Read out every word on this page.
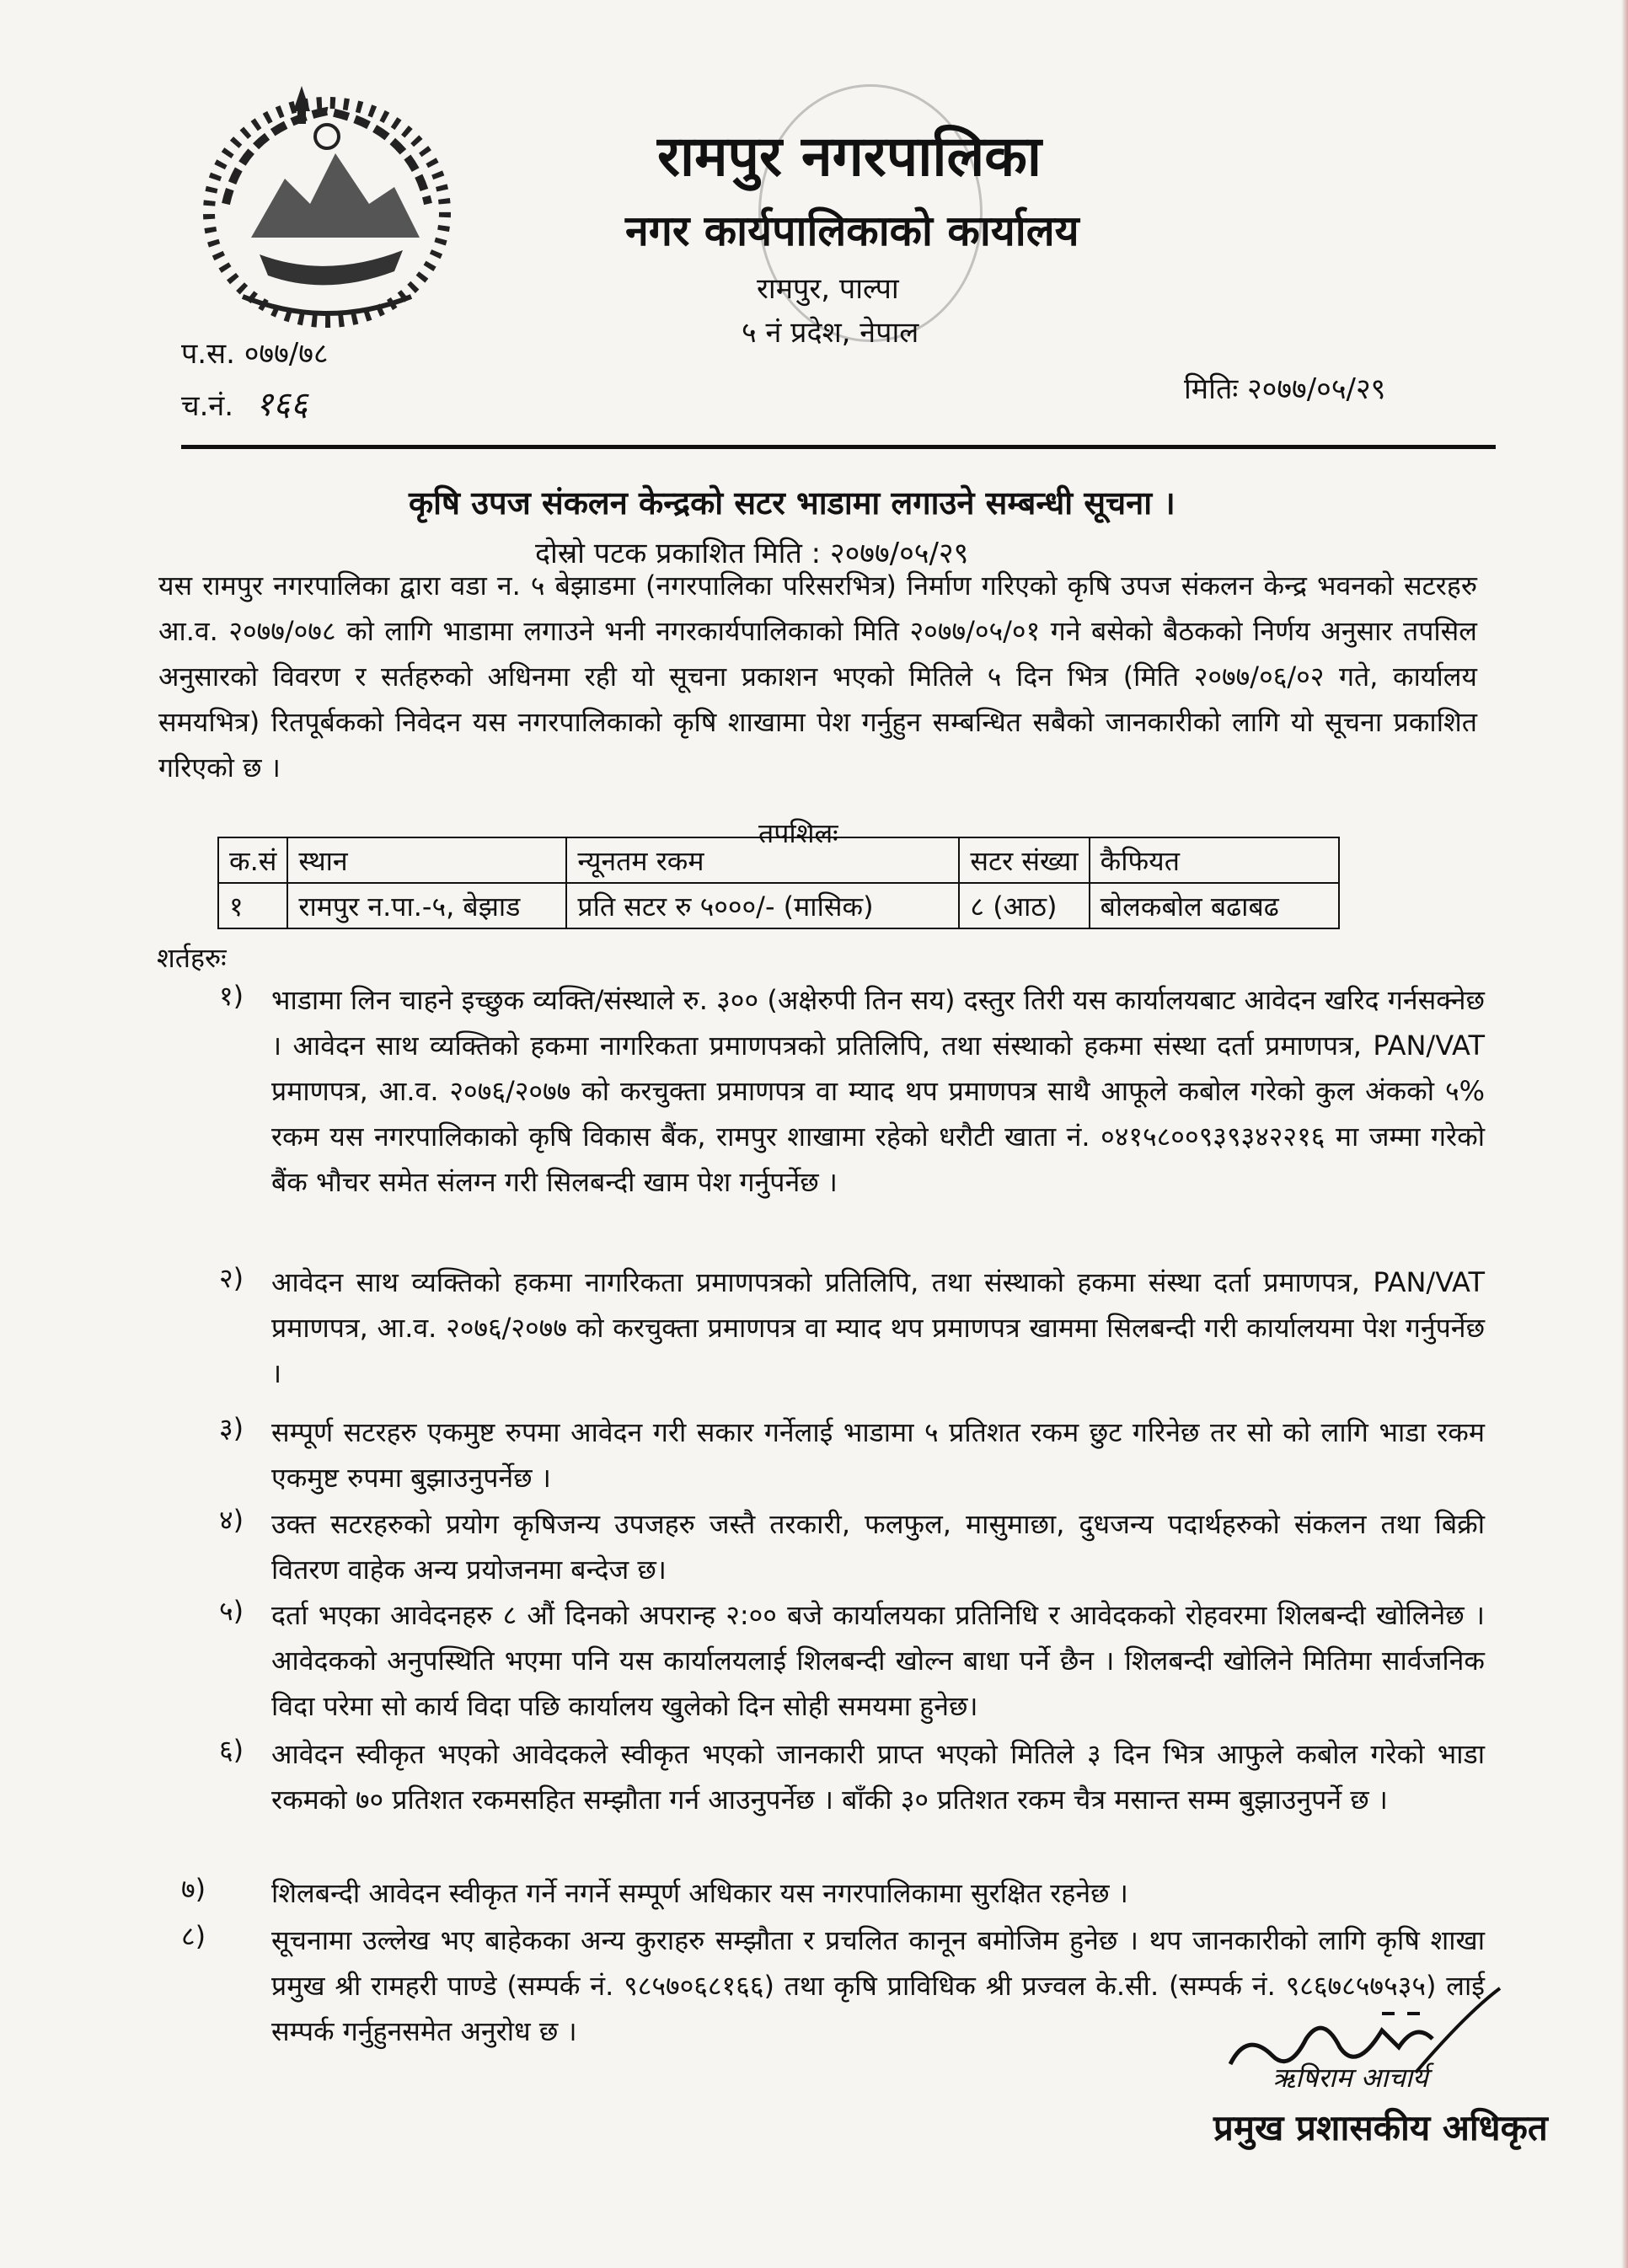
रामपुर नगरपालिका
नगर कार्यपालिकाको कार्यालय
रामपुर, पाल्पा
५ नं प्रदेश, नेपाल
प.स. ०७७/७८
च.नं. १६६	मितिः २०७७/०५/२९
कृषि उपज संकलन केन्द्रको सटर भाडामा लगाउने सम्बन्धी सूचना ।
दोस्रो पटक प्रकाशित मिति : २०७७/०५/२९
यस रामपुर नगरपालिका द्वारा वडा न. ५ बेझाडमा (नगरपालिका परिसरभित्र) निर्माण गरिएको कृषि उपज संकलन केन्द्र भवनको सटरहरु आ.व. २०७७/०७८ को लागि भाडामा लगाउने भनी नगरकार्यपालिकाको मिति २०७७/०५/०१ गने बसेको बैठकको निर्णय अनुसार तपसिल अनुसारको विवरण र सर्तहरुको अधिनमा रही यो सूचना प्रकाशन भएको मितिले ५ दिन भित्र (मिति २०७७/०६/०२ गते, कार्यालय समयभित्र) रितपूर्बकको निवेदन यस नगरपालिकाको कृषि शाखामा पेश गर्नुहुन सम्बन्धित सबैको जानकारीको लागि यो सूचना प्रकाशित गरिएको छ ।
तपशिलः
क.सं	स्थान	न्यूनतम रकम	सटर संख्या	कैफियत
१	रामपुर न.पा.-५, बेझाड	प्रति सटर रु ५०००/- (मासिक)	८ (आठ)	बोलकबोल बढाबढ
शर्तहरुः
१) भाडामा लिन चाहने इच्छुक व्यक्ति/संस्थाले रु. ३०० (अक्षेरुपी तिन सय) दस्तुर तिरी यस कार्यालयबाट आवेदन खरिद गर्नसक्नेछ । आवेदन साथ व्यक्तिको हकमा नागरिकता प्रमाणपत्रको प्रतिलिपि, तथा संस्थाको हकमा संस्था दर्ता प्रमाणपत्र, PAN/VAT प्रमाणपत्र, आ.व. २०७६/२०७७ को करचुक्ता प्रमाणपत्र वा म्याद थप प्रमाणपत्र साथै आफूले कबोल गरेको कुल अंकको ५% रकम यस नगरपालिकाको कृषि विकास बैंक, रामपुर शाखामा रहेको धरौटी खाता नं. ०४१५८००९३९३४२२१६ मा जम्मा गरेको बैंक भौचर समेत संलग्न गरी सिलबन्दी खाम पेश गर्नुपर्नेछ ।
२) आवेदन साथ व्यक्तिको हकमा नागरिकता प्रमाणपत्रको प्रतिलिपि, तथा संस्थाको हकमा संस्था दर्ता प्रमाणपत्र, PAN/VAT प्रमाणपत्र, आ.व. २०७६/२०७७ को करचुक्ता प्रमाणपत्र वा म्याद थप प्रमाणपत्र खाममा सिलबन्दी गरी कार्यालयमा पेश गर्नुपर्नेछ ।
३) सम्पूर्ण सटरहरु एकमुष्ट रुपमा आवेदन गरी सकार गर्नेलाई भाडामा ५ प्रतिशत रकम छुट गरिनेछ तर सो को लागि भाडा रकम एकमुष्ट रुपमा बुझाउनुपर्नेछ ।
४) उक्त सटरहरुको प्रयोग कृषिजन्य उपजहरु जस्तै तरकारी, फलफुल, मासुमाछा, दुधजन्य पदार्थहरुको संकलन तथा बिक्री वितरण वाहेक अन्य प्रयोजनमा बन्देज छ।
५) दर्ता भएका आवेदनहरु ८ औं दिनको अपरान्ह २:०० बजे कार्यालयका प्रतिनिधि र आवेदकको रोहवरमा शिलबन्दी खोलिनेछ । आवेदकको अनुपस्थिति भएमा पनि यस कार्यालयलाई शिलबन्दी खोल्न बाधा पर्ने छैन । शिलबन्दी खोलिने मितिमा सार्वजनिक विदा परेमा सो कार्य विदा पछि कार्यालय खुलेको दिन सोही समयमा हुनेछ।
६) आवेदन स्वीकृत भएको आवेदकले स्वीकृत भएको जानकारी प्राप्त भएको मितिले ३ दिन भित्र आफुले कबोल गरेको भाडा रकमको ७० प्रतिशत रकमसहित सम्झौता गर्न आउनुपर्नेछ । बाँकी ३० प्रतिशत रकम चैत्र मसान्त सम्म बुझाउनुपर्ने छ ।
७) शिलबन्दी आवेदन स्वीकृत गर्ने नगर्ने सम्पूर्ण अधिकार यस नगरपालिकामा सुरक्षित रहनेछ ।
८) सूचनामा उल्लेख भए बाहेकका अन्य कुराहरु सम्झौता र प्रचलित कानून बमोजिम हुनेछ । थप जानकारीको लागि कृषि शाखा प्रमुख श्री रामहरी पाण्डे (सम्पर्क नं. ९८५७०६८१६६) तथा कृषि प्राविधिक श्री प्रज्वल के.सी. (सम्पर्क नं. ९८६७८५७५३५) लाई सम्पर्क गर्नुहुनसमेत अनुरोध छ ।
ऋषिराम आचार्य
प्रमुख प्रशासकीय अधिकृत
